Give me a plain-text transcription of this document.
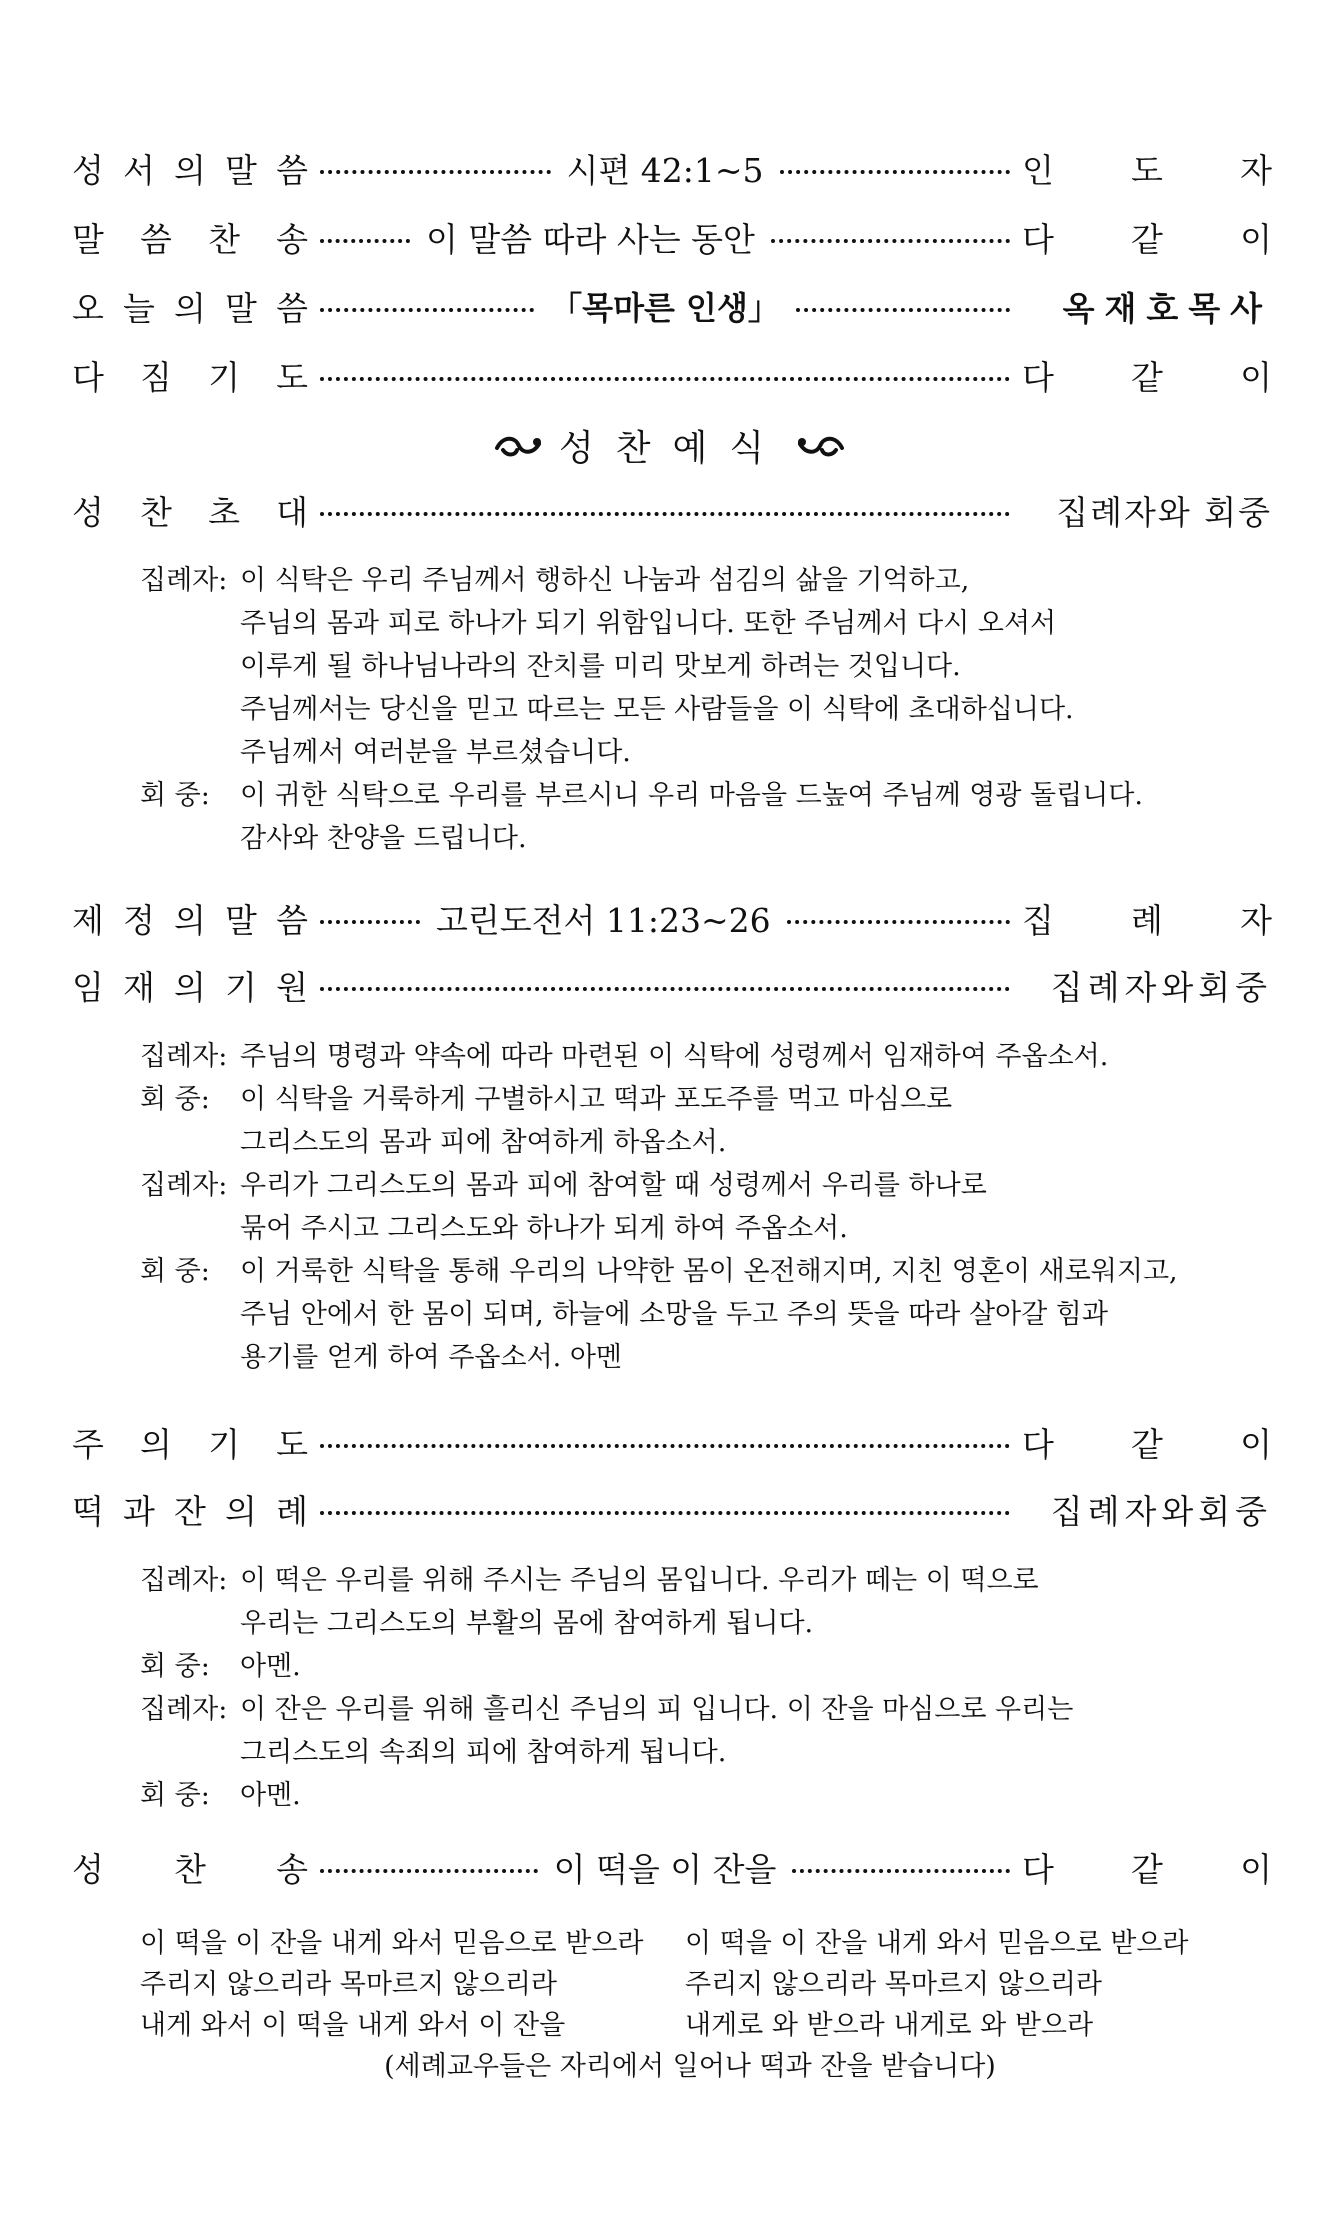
성 서 의 말 씀	시편 42:1~5	인 도 자
말 씀 찬 송	이 말씀 따라 사는 동안	다 같 이
오 늘 의 말 씀	「목마른 인생」	옥재호목사
다 짐 기 도	다 같 이
성찬예식
성 찬 초 대	집례자와 회중
집례자: 이 식탁은 우리 주님께서 행하신 나눔과 섬김의 삶을 기억하고,
주님의 몸과 피로 하나가 되기 위함입니다. 또한 주님께서 다시 오셔서
이루게 될 하나님나라의 잔치를 미리 맛보게 하려는 것입니다.
주님께서는 당신을 믿고 따르는 모든 사람들을 이 식탁에 초대하십니다.
주님께서 여러분을 부르셨습니다.
회 중:	이 귀한 식탁으로 우리를 부르시니 우리 마음을 드높여 주님께 영광 돌립니다.
감사와 찬양을 드립니다.
제 정 의 말 씀	고린도전서 11:23~26	집 례 자
임 재 의 기 원	집례자와회중
집례자: 주님의 명령과 약속에 따라 마련된 이 식탁에 성령께서 임재하여 주옵소서.
회 중:	이 식탁을 거룩하게 구별하시고 떡과 포도주를 먹고 마심으로
그리스도의 몸과 피에 참여하게 하옵소서.
집례자: 우리가 그리스도의 몸과 피에 참여할 때 성령께서 우리를 하나로
묶어 주시고 그리스도와 하나가 되게 하여 주옵소서.
회 중:	이 거룩한 식탁을 통해 우리의 나약한 몸이 온전해지며, 지친 영혼이 새로워지고,
주님 안에서 한 몸이 되며, 하늘에 소망을 두고 주의 뜻을 따라 살아갈 힘과
용기를 얻게 하여 주옵소서. 아멘
주 의 기 도	다 같 이
떡 과 잔 의 례	집례자와회중
집례자: 이 떡은 우리를 위해 주시는 주님의 몸입니다. 우리가 떼는 이 떡으로
우리는 그리스도의 부활의 몸에 참여하게 됩니다.
회 중:	아멘.
집례자: 이 잔은 우리를 위해 흘리신 주님의 피 입니다. 이 잔을 마심으로 우리는
그리스도의 속죄의 피에 참여하게 됩니다.
회 중:	아멘.
성 찬 송	이 떡을 이 잔을	다 같 이
이 떡을 이 잔을 내게 와서 믿음으로 받으라
주리지 않으리라 목마르지 않으리라
내게 와서 이 떡을 내게 와서 이 잔을
이 떡을 이 잔을 내게 와서 믿음으로 받으라
주리지 않으리라 목마르지 않으리라
내게로 와 받으라 내게로 와 받으라
(세례교우들은 자리에서 일어나 떡과 잔을 받습니다)
